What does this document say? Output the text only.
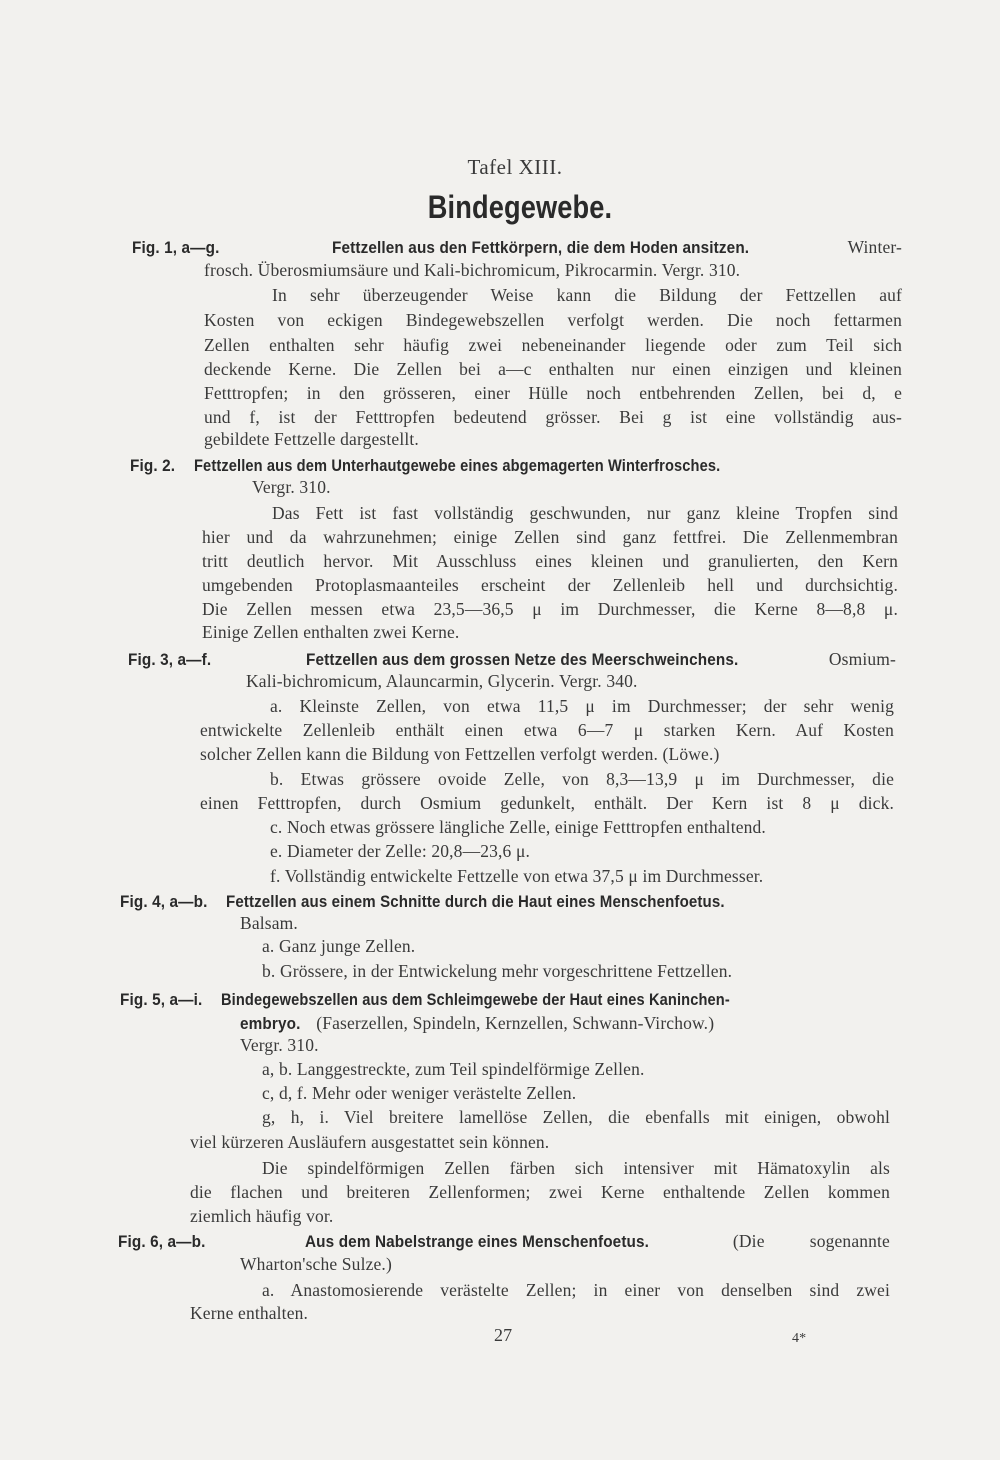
Tafel XIII.
Bindegewebe.
Fig. 1, a—g.	Fettzellen aus den Fettkörpern, die dem Hoden ansitzen.	Winter-
frosch. Überosmiumsäure und Kali-bichromicum, Pikrocarmin. Vergr. 310.
In sehr überzeugender Weise kann die Bildung der Fettzellen auf
Kosten von eckigen Bindegewebszellen verfolgt werden. Die noch fettarmen
Zellen enthalten sehr häufig zwei nebeneinander liegende oder zum Teil sich
deckende Kerne. Die Zellen bei a—c enthalten nur einen einzigen und kleinen
Fetttropfen; in den grösseren, einer Hülle noch entbehrenden Zellen, bei d, e
und f, ist der Fetttropfen bedeutend grösser. Bei g ist eine vollständig aus-
gebildete Fettzelle dargestellt.
Fig. 2. Fettzellen aus dem Unterhautgewebe eines abgemagerten Winterfrosches.
Vergr. 310.
Das Fett ist fast vollständig geschwunden, nur ganz kleine Tropfen sind
hier und da wahrzunehmen; einige Zellen sind ganz fettfrei. Die Zellenmembran
tritt deutlich hervor. Mit Ausschluss eines kleinen und granulierten, den Kern
umgebenden Protoplasmaanteiles erscheint der Zellenleib hell und durchsichtig.
Die Zellen messen etwa 23,5—36,5 μ im Durchmesser, die Kerne 8—8,8 μ.
Einige Zellen enthalten zwei Kerne.
Fig. 3, a—f.	Fettzellen aus dem grossen Netze des Meerschweinchens.	Osmium-
Kali-bichromicum, Alauncarmin, Glycerin. Vergr. 340.
a. Kleinste Zellen, von etwa 11,5 μ im Durchmesser; der sehr wenig
entwickelte Zellenleib enthält einen etwa 6—7 μ starken Kern. Auf Kosten
solcher Zellen kann die Bildung von Fettzellen verfolgt werden. (Löwe.)
b. Etwas grössere ovoide Zelle, von 8,3—13,9 μ im Durchmesser, die
einen Fetttropfen, durch Osmium gedunkelt, enthält. Der Kern ist 8 μ dick.
c. Noch etwas grössere längliche Zelle, einige Fetttropfen enthaltend.
e. Diameter der Zelle: 20,8—23,6 μ.
f. Vollständig entwickelte Fettzelle von etwa 37,5 μ im Durchmesser.
Fig. 4, a—b. Fettzellen aus einem Schnitte durch die Haut eines Menschenfoetus.
Balsam.
a. Ganz junge Zellen.
b. Grössere, in der Entwickelung mehr vorgeschrittene Fettzellen.
Fig. 5, a—i. Bindegewebszellen aus dem Schleimgewebe der Haut eines Kaninchen-
embryo. (Faserzellen, Spindeln, Kernzellen, Schwann-Virchow.)
Vergr. 310.
a, b. Langgestreckte, zum Teil spindelförmige Zellen.
c, d, f. Mehr oder weniger verästelte Zellen.
g, h, i. Viel breitere lamellöse Zellen, die ebenfalls mit einigen, obwohl
viel kürzeren Ausläufern ausgestattet sein können.
Die spindelförmigen Zellen färben sich intensiver mit Hämatoxylin als
die flachen und breiteren Zellenformen; zwei Kerne enthaltende Zellen kommen
ziemlich häufig vor.
Fig. 6, a—b.	Aus dem Nabelstrange eines Menschenfoetus.	(Die sogenannte
Wharton'sche Sulze.)
a. Anastomosierende verästelte Zellen; in einer von denselben sind zwei
Kerne enthalten.
27	4*
